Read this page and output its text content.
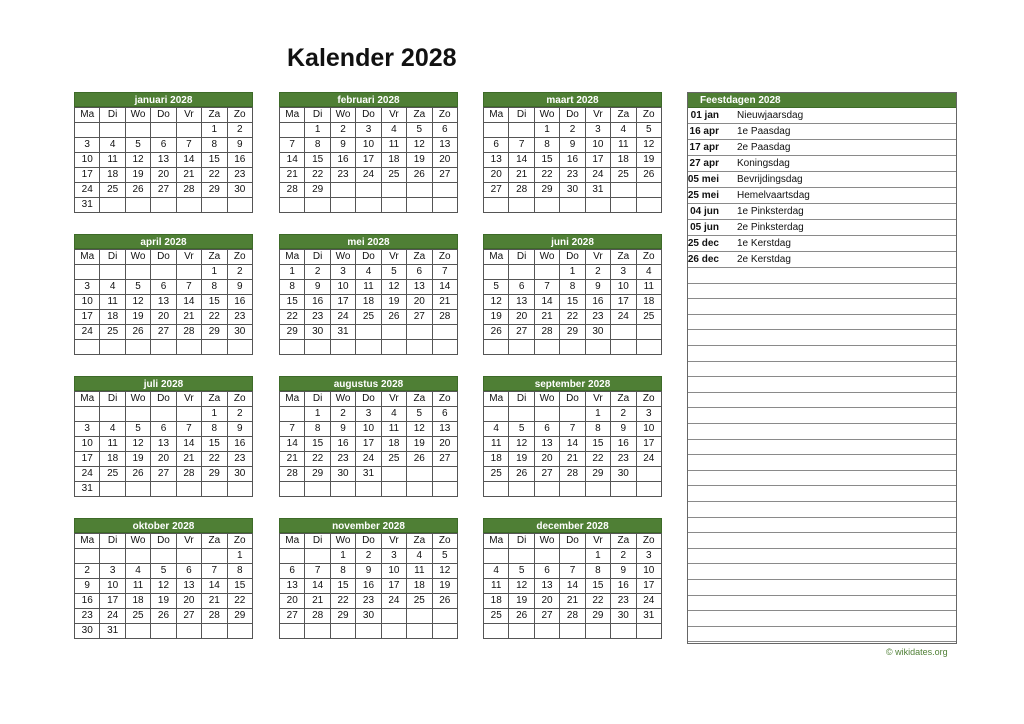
Kalender 2028
januari 2028
Ma	Di	Wo	Do	Vr	Za	Zo
					1	2
3	4	5	6	7	8	9
10	11	12	13	14	15	16
17	18	19	20	21	22	23
24	25	26	27	28	29	30
31						
februari 2028
Ma	Di	Wo	Do	Vr	Za	Zo
	1	2	3	4	5	6
7	8	9	10	11	12	13
14	15	16	17	18	19	20
21	22	23	24	25	26	27
28	29					

maart 2028
Ma	Di	Wo	Do	Vr	Za	Zo
		1	2	3	4	5
6	7	8	9	10	11	12
13	14	15	16	17	18	19
20	21	22	23	24	25	26
27	28	29	30	31		

april 2028
Ma	Di	Wo	Do	Vr	Za	Zo
					1	2
3	4	5	6	7	8	9
10	11	12	13	14	15	16
17	18	19	20	21	22	23
24	25	26	27	28	29	30

mei 2028
Ma	Di	Wo	Do	Vr	Za	Zo
1	2	3	4	5	6	7
8	9	10	11	12	13	14
15	16	17	18	19	20	21
22	23	24	25	26	27	28
29	30	31				

juni 2028
Ma	Di	Wo	Do	Vr	Za	Zo
			1	2	3	4
5	6	7	8	9	10	11
12	13	14	15	16	17	18
19	20	21	22	23	24	25
26	27	28	29	30		

juli 2028
Ma	Di	Wo	Do	Vr	Za	Zo
					1	2
3	4	5	6	7	8	9
10	11	12	13	14	15	16
17	18	19	20	21	22	23
24	25	26	27	28	29	30
31						
augustus 2028
Ma	Di	Wo	Do	Vr	Za	Zo
	1	2	3	4	5	6
7	8	9	10	11	12	13
14	15	16	17	18	19	20
21	22	23	24	25	26	27
28	29	30	31			

september 2028
Ma	Di	Wo	Do	Vr	Za	Zo
				1	2	3
4	5	6	7	8	9	10
11	12	13	14	15	16	17
18	19	20	21	22	23	24
25	26	27	28	29	30	

oktober 2028
Ma	Di	Wo	Do	Vr	Za	Zo
						1
2	3	4	5	6	7	8
9	10	11	12	13	14	15
16	17	18	19	20	21	22
23	24	25	26	27	28	29
30	31					
november 2028
Ma	Di	Wo	Do	Vr	Za	Zo
		1	2	3	4	5
6	7	8	9	10	11	12
13	14	15	16	17	18	19
20	21	22	23	24	25	26
27	28	29	30			

december 2028
Ma	Di	Wo	Do	Vr	Za	Zo
				1	2	3
4	5	6	7	8	9	10
11	12	13	14	15	16	17
18	19	20	21	22	23	24
25	26	27	28	29	30	31

Feestdagen 2028
01 jan	Nieuwjaarsdag
16 apr	1e Paasdag
17 apr	2e Paasdag
27 apr	Koningsdag
05 mei	Bevrijdingsdag
25 mei	Hemelvaartsdag
04 jun	1e Pinksterdag
05 jun	2e Pinksterdag
25 dec	1e Kerstdag
26 dec	2e Kerstdag

© wikidates.org
